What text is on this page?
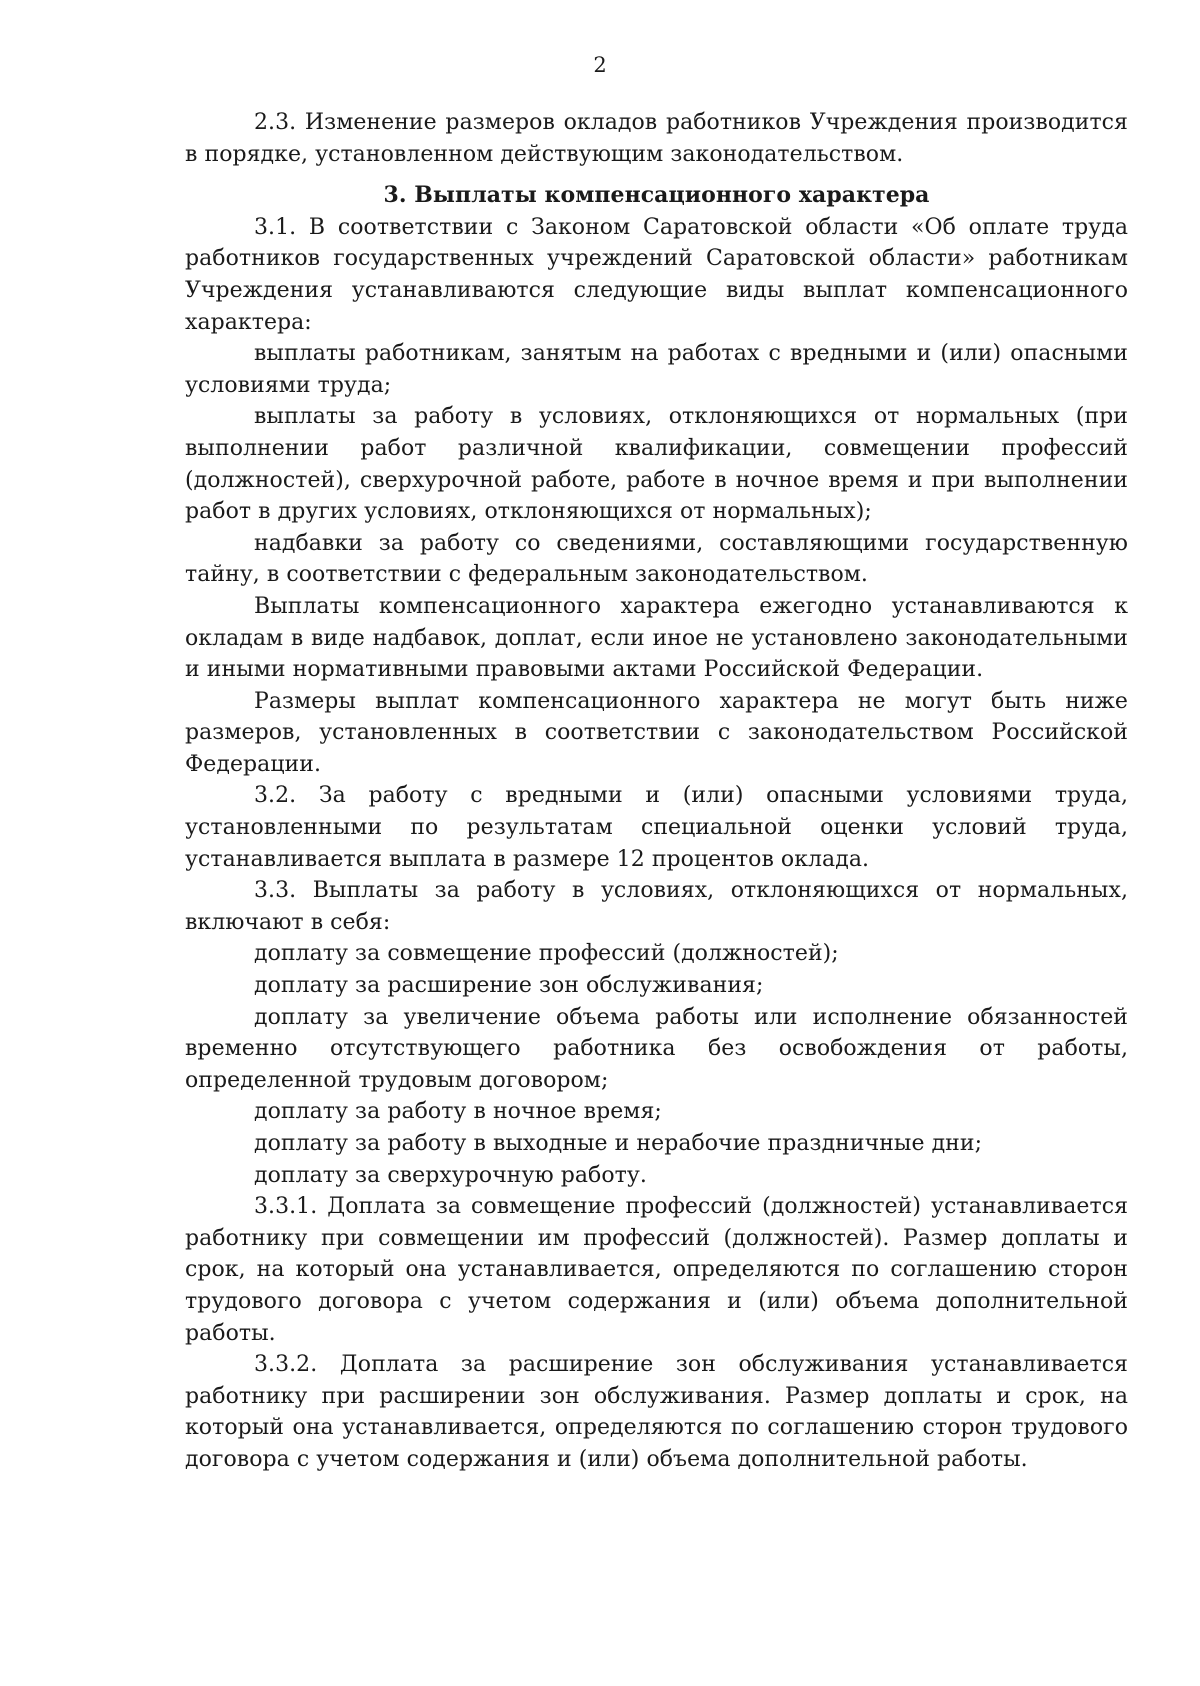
2

2.3. Изменение размеров окладов работников Учреждения производится в порядке, установленном действующим законодательством.

3. Выплаты компенсационного характера

3.1. В соответствии с Законом Саратовской области «Об оплате труда работников государственных учреждений Саратовской области» работникам Учреждения устанавливаются следующие виды выплат компенсационного характера:

выплаты работникам, занятым на работах с вредными и (или) опасными условиями труда;

выплаты за работу в условиях, отклоняющихся от нормальных (при выполнении работ различной квалификации, совмещении профессий (должностей), сверхурочной работе, работе в ночное время и при выполнении работ в других условиях, отклоняющихся от нормальных);

надбавки за работу со сведениями, составляющими государственную тайну, в соответствии с федеральным законодательством.

Выплаты компенсационного характера ежегодно устанавливаются к окладам в виде надбавок, доплат, если иное не установлено законодательными и иными нормативными правовыми актами Российской Федерации.

Размеры выплат компенсационного характера не могут быть ниже размеров, установленных в соответствии с законодательством Российской Федерации.

3.2. За работу с вредными и (или) опасными условиями труда, установленными по результатам специальной оценки условий труда, устанавливается выплата в размере 12 процентов оклада.

3.3. Выплаты за работу в условиях, отклоняющихся от нормальных, включают в себя:

доплату за совмещение профессий (должностей);

доплату за расширение зон обслуживания;

доплату за увеличение объема работы или исполнение обязанностей временно отсутствующего работника без освобождения от работы, определенной трудовым договором;

доплату за работу в ночное время;

доплату за работу в выходные и нерабочие праздничные дни;

доплату за сверхурочную работу.

3.3.1. Доплата за совмещение профессий (должностей) устанавливается работнику при совмещении им профессий (должностей). Размер доплаты и срок, на который она устанавливается, определяются по соглашению сторон трудового договора с учетом содержания и (или) объема дополнительной работы.

3.3.2. Доплата за расширение зон обслуживания устанавливается работнику при расширении зон обслуживания. Размер доплаты и срок, на который она устанавливается, определяются по соглашению сторон трудового договора с учетом содержания и (или) объема дополнительной работы.
